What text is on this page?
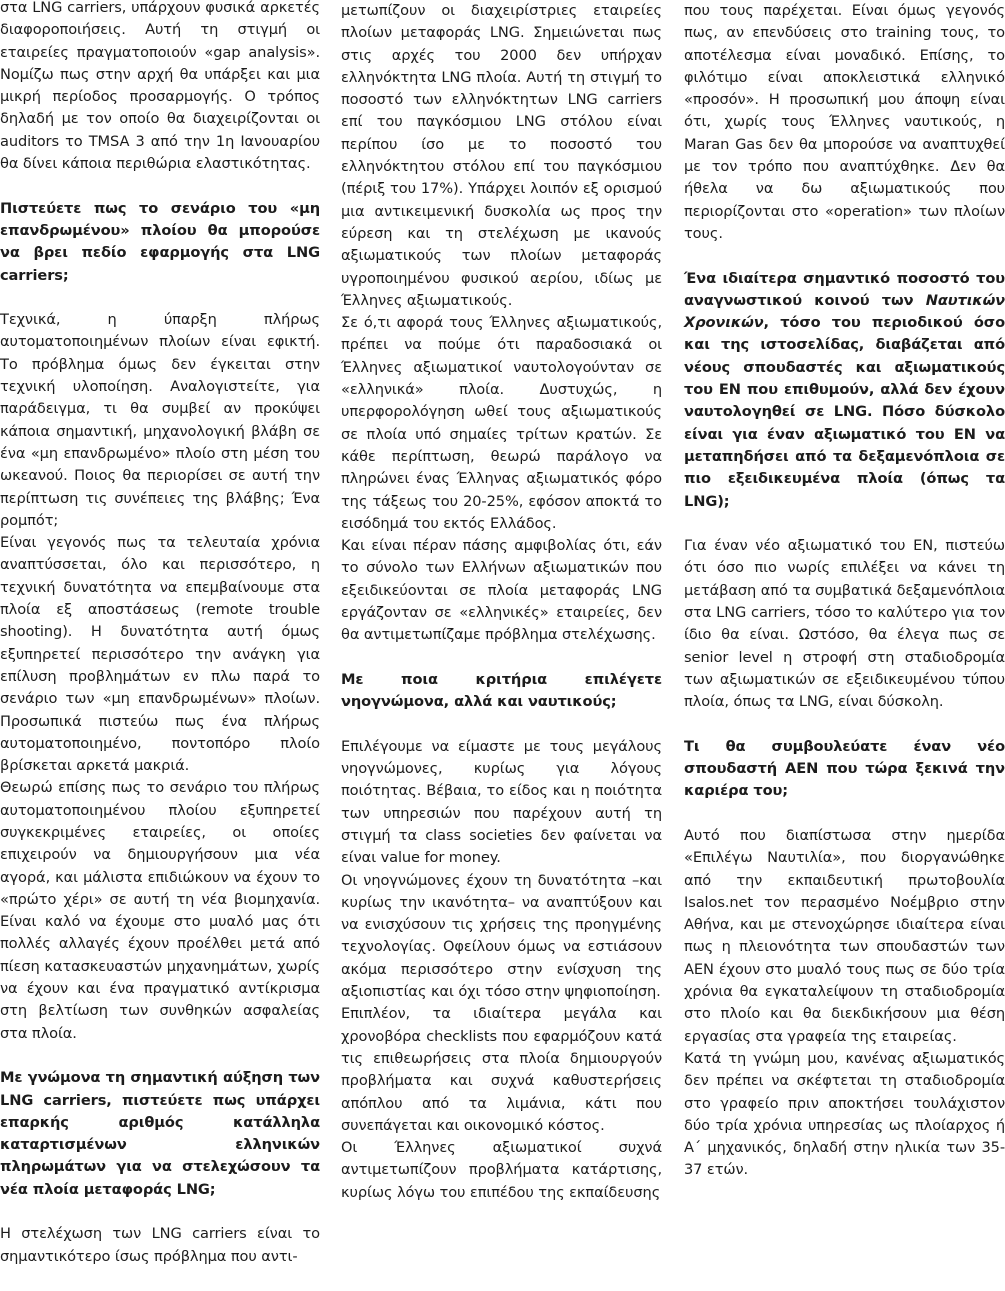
στα LNG carriers, υπάρχουν φυσικά αρκετές διαφοροποιήσεις. Αυτή τη στιγμή οι εταιρείες πραγματοποιούν «gap analysis». Νομίζω πως στην αρχή θα υπάρξει και μια μικρή περίοδος προσαρμογής. Ο τρόπος δηλαδή με τον οποίο θα διαχειρίζονται οι auditors το TMSA 3 από την 1η Ιανουαρίου θα δίνει κάποια περιθώρια ελαστικότητας.

Πιστεύετε πως το σενάριο του «μη επανδρωμένου» πλοίου θα μπορούσε να βρει πεδίο εφαρμογής στα LNG carriers;

Τεχνικά, η ύπαρξη πλήρως αυτοματοποιημένων πλοίων είναι εφικτή. Το πρόβλημα όμως δεν έγκειται στην τεχνική υλοποίηση. Αναλογιστείτε, για παράδειγμα, τι θα συμβεί αν προκύψει κάποια σημαντική, μηχανολογική βλάβη σε ένα «μη επανδρωμένο» πλοίο στη μέση του ωκεανού. Ποιος θα περιορίσει σε αυτή την περίπτωση τις συνέπειες της βλάβης; Ένα ρομπότ;

Είναι γεγονός πως τα τελευταία χρόνια αναπτύσσεται, όλο και περισσότερο, η τεχνική δυνατότητα να επεμβαίνουμε στα πλοία εξ αποστάσεως (remote trouble shooting). Η δυνατότητα αυτή όμως εξυπηρετεί περισσότερο την ανάγκη για επίλυση προβλημάτων εν πλω παρά το σενάριο των «μη επανδρωμένων» πλοίων. Προσωπικά πιστεύω πως ένα πλήρως αυτοματοποιημένο, ποντοπόρο πλοίο βρίσκεται αρκετά μακριά.

Θεωρώ επίσης πως το σενάριο του πλήρως αυτοματοποιημένου πλοίου εξυπηρετεί συγκεκριμένες εταιρείες, οι οποίες επιχειρούν να δημιουργήσουν μια νέα αγορά, και μάλιστα επιδιώκουν να έχουν το «πρώτο χέρι» σε αυτή τη νέα βιομηχανία. Είναι καλό να έχουμε στο μυαλό μας ότι πολλές αλλαγές έχουν προέλθει μετά από πίεση κατασκευαστών μηχανημάτων, χωρίς να έχουν και ένα πραγματικό αντίκρισμα στη βελτίωση των συνθηκών ασφαλείας στα πλοία.

Με γνώμονα τη σημαντική αύξηση των LNG carriers, πιστεύετε πως υπάρχει επαρκής αριθμός κατάλληλα καταρτισμένων ελληνικών πληρωμάτων για να στελεχώσουν τα νέα πλοία μεταφοράς LNG;

Η στελέχωση των LNG carriers είναι το σημαντικότερο ίσως πρόβλημα που αντι-

μετωπίζουν οι διαχειρίστριες εταιρείες πλοίων μεταφοράς LNG. Σημειώνεται πως στις αρχές του 2000 δεν υπήρχαν ελληνόκτητα LNG πλοία. Αυτή τη στιγμή το ποσοστό των ελληνόκτητων LNG carriers επί του παγκόσμιου LNG στόλου είναι περίπου ίσο με το ποσοστό του ελληνόκτητου στόλου επί του παγκόσμιου (πέριξ του 17%). Υπάρχει λοιπόν εξ ορισμού μια αντικειμενική δυσκολία ως προς την εύρεση και τη στελέχωση με ικανούς αξιωματικούς των πλοίων μεταφοράς υγροποιημένου φυσικού αερίου, ιδίως με Έλληνες αξιωματικούς.

Σε ό,τι αφορά τους Έλληνες αξιωματικούς, πρέπει να πούμε ότι παραδοσιακά οι Έλληνες αξιωματικοί ναυτολογούνταν σε «ελληνικά» πλοία. Δυστυχώς, η υπερφορολόγηση ωθεί τους αξιωματικούς σε πλοία υπό σημαίες τρίτων κρατών. Σε κάθε περίπτωση, θεωρώ παράλογο να πληρώνει ένας Έλληνας αξιωματικός φόρο της τάξεως του 20-25%, εφόσον αποκτά το εισόδημά του εκτός Ελλάδος.

Και είναι πέραν πάσης αμφιβολίας ότι, εάν το σύνολο των Ελλήνων αξιωματικών που εξειδικεύονται σε πλοία μεταφοράς LNG εργάζονταν σε «ελληνικές» εταιρείες, δεν θα αντιμετωπίζαμε πρόβλημα στελέχωσης.

Με ποια κριτήρια επιλέγετε νηογνώμονα, αλλά και ναυτικούς;

Επιλέγουμε να είμαστε με τους μεγάλους νηογνώμονες, κυρίως για λόγους ποιότητας. Βέβαια, το είδος και η ποιότητα των υπηρεσιών που παρέχουν αυτή τη στιγμή τα class societies δεν φαίνεται να είναι value for money.

Οι νηογνώμονες έχουν τη δυνατότητα –και κυρίως την ικανότητα– να αναπτύξουν και να ενισχύσουν τις χρήσεις της προηγμένης τεχνολογίας. Οφείλουν όμως να εστιάσουν ακόμα περισσότερο στην ενίσχυση της αξιοπιστίας και όχι τόσο στην ψηφιοποίηση.

Επιπλέον, τα ιδιαίτερα μεγάλα και χρονοβόρα checklists που εφαρμόζουν κατά τις επιθεωρήσεις στα πλοία δημιουργούν προβλήματα και συχνά καθυστερήσεις απόπλου από τα λιμάνια, κάτι που συνεπάγεται και οικονομικό κόστος.

Οι Έλληνες αξιωματικοί συχνά αντιμετωπίζουν προβλήματα κατάρτισης, κυρίως λόγω του επιπέδου της εκπαίδευσης

που τους παρέχεται. Είναι όμως γεγονός πως, αν επενδύσεις στο training τους, το αποτέλεσμα είναι μοναδικό. Επίσης, το φιλότιμο είναι αποκλειστικά ελληνικό «προσόν». Η προσωπική μου άποψη είναι ότι, χωρίς τους Έλληνες ναυτικούς, η Maran Gas δεν θα μπορούσε να αναπτυχθεί με τον τρόπο που αναπτύχθηκε. Δεν θα ήθελα να δω αξιωματικούς που περιορίζονται στο «operation» των πλοίων τους.

Ένα ιδιαίτερα σημαντικό ποσοστό του αναγνωστικού κοινού των Ναυτικών Χρονικών, τόσο του περιοδικού όσο και της ιστοσελίδας, διαβάζεται από νέους σπουδαστές και αξιωματικούς του ΕΝ που επιθυμούν, αλλά δεν έχουν ναυτολογηθεί σε LNG. Πόσο δύσκολο είναι για έναν αξιωματικό του ΕΝ να μεταπηδήσει από τα δεξαμενόπλοια σε πιο εξειδικευμένα πλοία (όπως τα LNG);

Για έναν νέο αξιωματικό του ΕΝ, πιστεύω ότι όσο πιο νωρίς επιλέξει να κάνει τη μετάβαση από τα συμβατικά δεξαμενόπλοια στα LNG carriers, τόσο το καλύτερο για τον ίδιο θα είναι. Ωστόσο, θα έλεγα πως σε senior level η στροφή στη σταδιοδρομία των αξιωματικών σε εξειδικευμένου τύπου πλοία, όπως τα LNG, είναι δύσκολη.

Τι θα συμβουλεύατε έναν νέο σπουδαστή ΑΕΝ που τώρα ξεκινά την καριέρα του;

Αυτό που διαπίστωσα στην ημερίδα «Επιλέγω Ναυτιλία», που διοργανώθηκε από την εκπαιδευτική πρωτοβουλία Isalos.net τον περασμένο Νοέμβριο στην Αθήνα, και με στενοχώρησε ιδιαίτερα είναι πως η πλειονότητα των σπουδαστών των ΑΕΝ έχουν στο μυαλό τους πως σε δύο τρία χρόνια θα εγκαταλείψουν τη σταδιοδρομία στο πλοίο και θα διεκδικήσουν μια θέση εργασίας στα γραφεία της εταιρείας.

Κατά τη γνώμη μου, κανένας αξιωματικός δεν πρέπει να σκέφτεται τη σταδιοδρομία στο γραφείο πριν αποκτήσει τουλάχιστον δύο τρία χρόνια υπηρεσίας ως πλοίαρχος ή Α΄ μηχανικός, δηλαδή στην ηλικία των 35-37 ετών.
